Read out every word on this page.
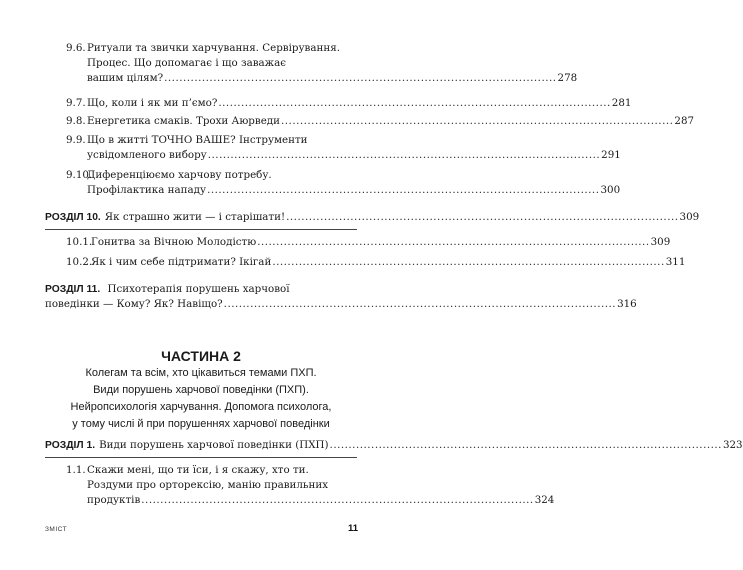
9.6. Ритуали та звички харчування. Сервірування.
Процес. Що допомагає і що заважає
вашим цілям? ........................................................................................................ 278
9.7. Що, коли і як ми п’ємо? ........................................................................................................ 281
9.8. Енергетика смаків. Трохи Аюрведи ........................................................................................................ 287
9.9. Що в житті ТОЧНО ВАШЕ? Інструменти
усвідомленого вибору ........................................................................................................ 291
9.10.
Диференціюємо харчову потребу.
Профілактика нападу ........................................................................................................ 300
РОЗДІЛ 10. Як страшно жити — і старішати! ........................................................................................................ 309
10.1.
Гонитва за Вічною Молодістю ........................................................................................................ 309
10.2.
Як і чим себе підтримати? Ікігай ........................................................................................................ 311
РОЗДІЛ 11. Психотерапія порушень харчової
поведінки — Кому? Як? Навіщо? ........................................................................................................ 316
ЧАСТИНА 2
Колегам та всім, хто цікавиться темами ПХП.
Види порушень харчової поведінки (ПХП).
Нейропсихологія харчування. Допомога психолога,
у тому числі й при порушеннях харчової поведінки
РОЗДІЛ 1. Види порушень харчової поведінки (ПХП) ........................................................................................................ 323
1.1. Скажи мені, що ти їси, і я скажу, хто ти.
Роздуми про орторексію, манію правильних
продуктів ........................................................................................................ 324
ЗМІСТ	11
